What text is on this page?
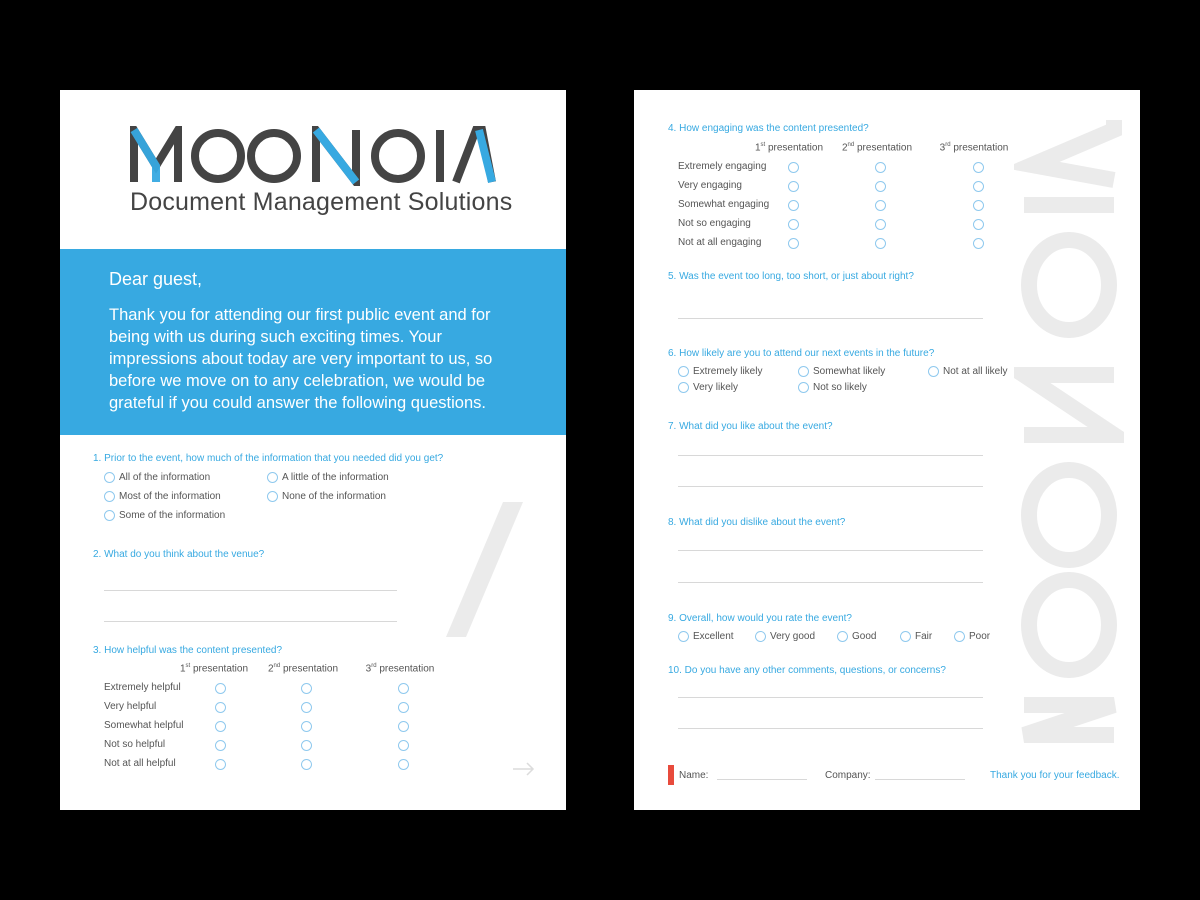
Document Management Solutions
Dear guest,
Thank you for attending our first public event and for being with us during such exciting times. Your impressions about today are very important to us, so before we move on to any celebration, we would be grateful if you could answer the following questions.
1. Prior to the event, how much of the information that you needed did you get?
All of the information
Most of the information
Some of the information
A little of the information
None of the information
2. What do you think about the venue?
3. How helpful was the content presented?
1st presentation 2nd presentation	3rd presentation
Extremely helpful
Very helpful
Somewhat helpful
Not so helpful
Not at all helpful
4. How engaging was the content presented?
1st presentation 2nd presentation	3rd presentation
Extremely engaging
Very engaging
Somewhat engaging
Not so engaging
Not at all engaging
5. Was the event too long, too short, or just about right?
6. How likely are you to attend our next events in the future?
Extremely likely
Very likely
Somewhat likely
Not so likely
Not at all likely
7. What did you like about the event?
8. What did you dislike about the event?
9. Overall, how would you rate the event?
Excellent	Very good	Good	Fair	Poor
10. Do you have any other comments, questions, or concerns?
Name:	Company:	Thank you for your feedback.
